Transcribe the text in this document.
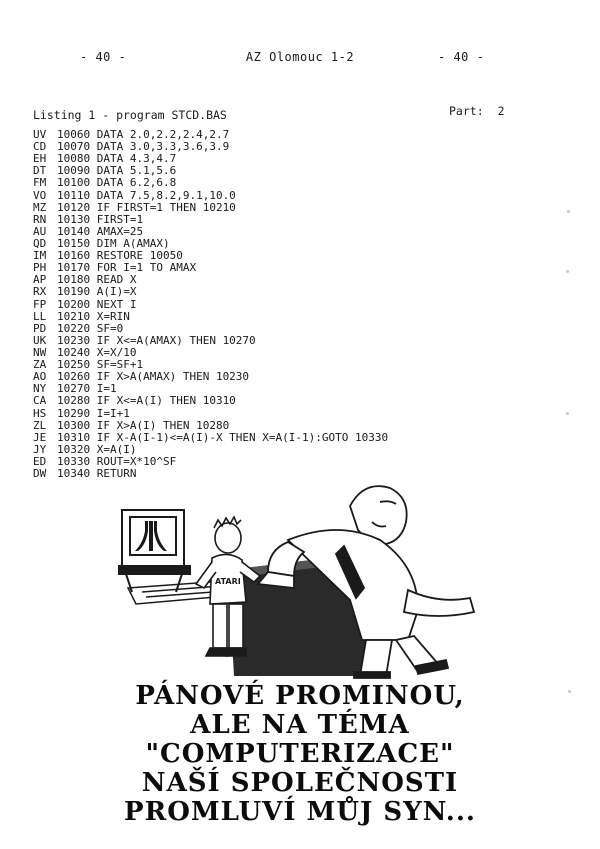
- 40 -	AZ Olomouc 1-2	- 40 -
Listing 1 - program STCD.BAS	Part: 2
UV 10060 DATA 2.0,2.2,2.4,2.7
CD 10070 DATA 3.0,3.3,3.6,3.9
EH 10080 DATA 4.3,4.7
DT 10090 DATA 5.1,5.6
FM 10100 DATA 6.2,6.8
VO 10110 DATA 7.5,8.2,9.1,10.0
MZ 10120 IF FIRST=1 THEN 10210
RN 10130 FIRST=1
AU 10140 AMAX=25
QD 10150 DIM A(AMAX)
IM 10160 RESTORE 10050
PH 10170 FOR I=1 TO AMAX
AP 10180 READ X
RX 10190 A(I)=X
FP 10200 NEXT I
LL 10210 X=RIN
PD 10220 SF=0
UK 10230 IF X<=A(AMAX) THEN 10270
NW 10240 X=X/10
ZA 10250 SF=SF+1
AO 10260 IF X>A(AMAX) THEN 10230
NY 10270 I=1
CA 10280 IF X<=A(I) THEN 10310
HS 10290 I=I+1
ZL 10300 IF X>A(I) THEN 10280
JE 10310 IF X-A(I-1)<=A(I)-X THEN X=A(I-1):GOTO 10330
JY 10320 X=A(I)
ED 10330 ROUT=X*10^SF
DW 10340 RETURN
ATARI
PÁNOVÉ PROMINOU,
ALE NA TÉMA
"COMPUTERIZACE"
NAŠÍ SPOLEČNOSTI
PROMLUVÍ MŮJ SYN...
